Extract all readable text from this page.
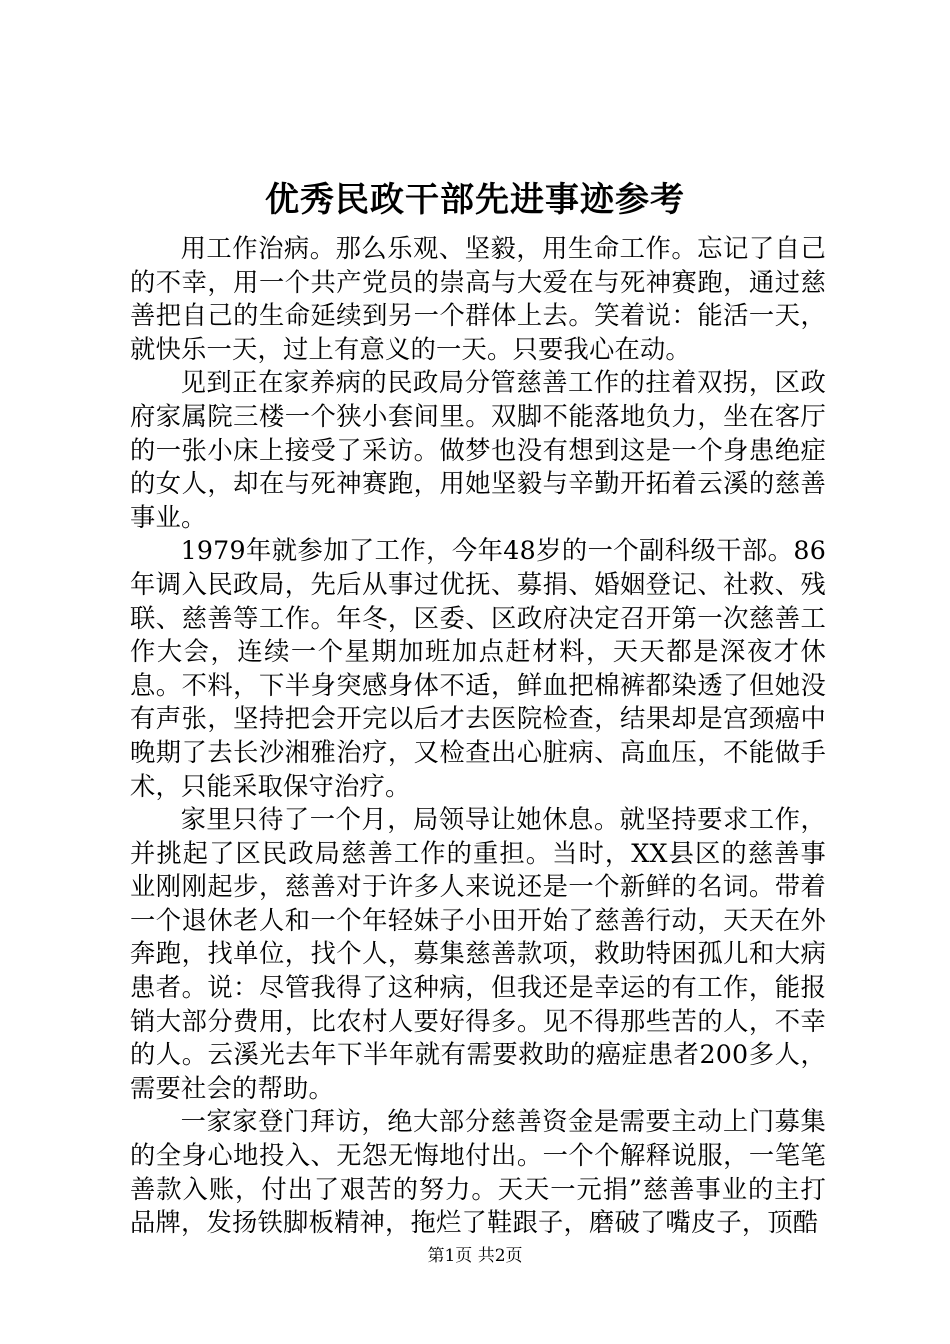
优秀民政干部先进事迹参考

用工作治病。那么乐观、坚毅，用生命工作。忘记了自己的不幸，用一个共产党员的崇高与大爱在与死神赛跑，通过慈善把自己的生命延续到另一个群体上去。笑着说：能活一天，就快乐一天，过上有意义的一天。只要我心在动。

见到正在家养病的民政局分管慈善工作的拄着双拐，区政府家属院三楼一个狭小套间里。双脚不能落地负力，坐在客厅的一张小床上接受了采访。做梦也没有想到这是一个身患绝症的女人，却在与死神赛跑，用她坚毅与辛勤开拓着云溪的慈善事业。

1979年就参加了工作，今年48岁的一个副科级干部。86年调入民政局，先后从事过优抚、募捐、婚姻登记、社救、残联、慈善等工作。年冬，区委、区政府决定召开第一次慈善工作大会，连续一个星期加班加点赶材料，天天都是深夜才休息。不料，下半身突感身体不适，鲜血把棉裤都染透了但她没有声张，坚持把会开完以后才去医院检查，结果却是宫颈癌中晚期了去长沙湘雅治疗，又检查出心脏病、高血压，不能做手术，只能采取保守治疗。

家里只待了一个月，局领导让她休息。就坚持要求工作，并挑起了区民政局慈善工作的重担。当时，XX县区的慈善事业刚刚起步，慈善对于许多人来说还是一个新鲜的名词。带着一个退休老人和一个年轻妹子小田开始了慈善行动，天天在外奔跑，找单位，找个人，募集慈善款项，救助特困孤儿和大病患者。说：尽管我得了这种病，但我还是幸运的有工作，能报销大部分费用，比农村人要好得多。见不得那些苦的人，不幸的人。云溪光去年下半年就有需要救助的癌症患者200多人，需要社会的帮助。

一家家登门拜访，绝大部分慈善资金是需要主动上门募集的全身心地投入、无怨无悔地付出。一个个解释说服，一笔笔善款入账，付出了艰苦的努力。天天一元捐”慈善事业的主打品牌，发扬铁脚板精神，拖烂了鞋跟子，磨破了嘴皮子，顶酷

第1页 共2页
